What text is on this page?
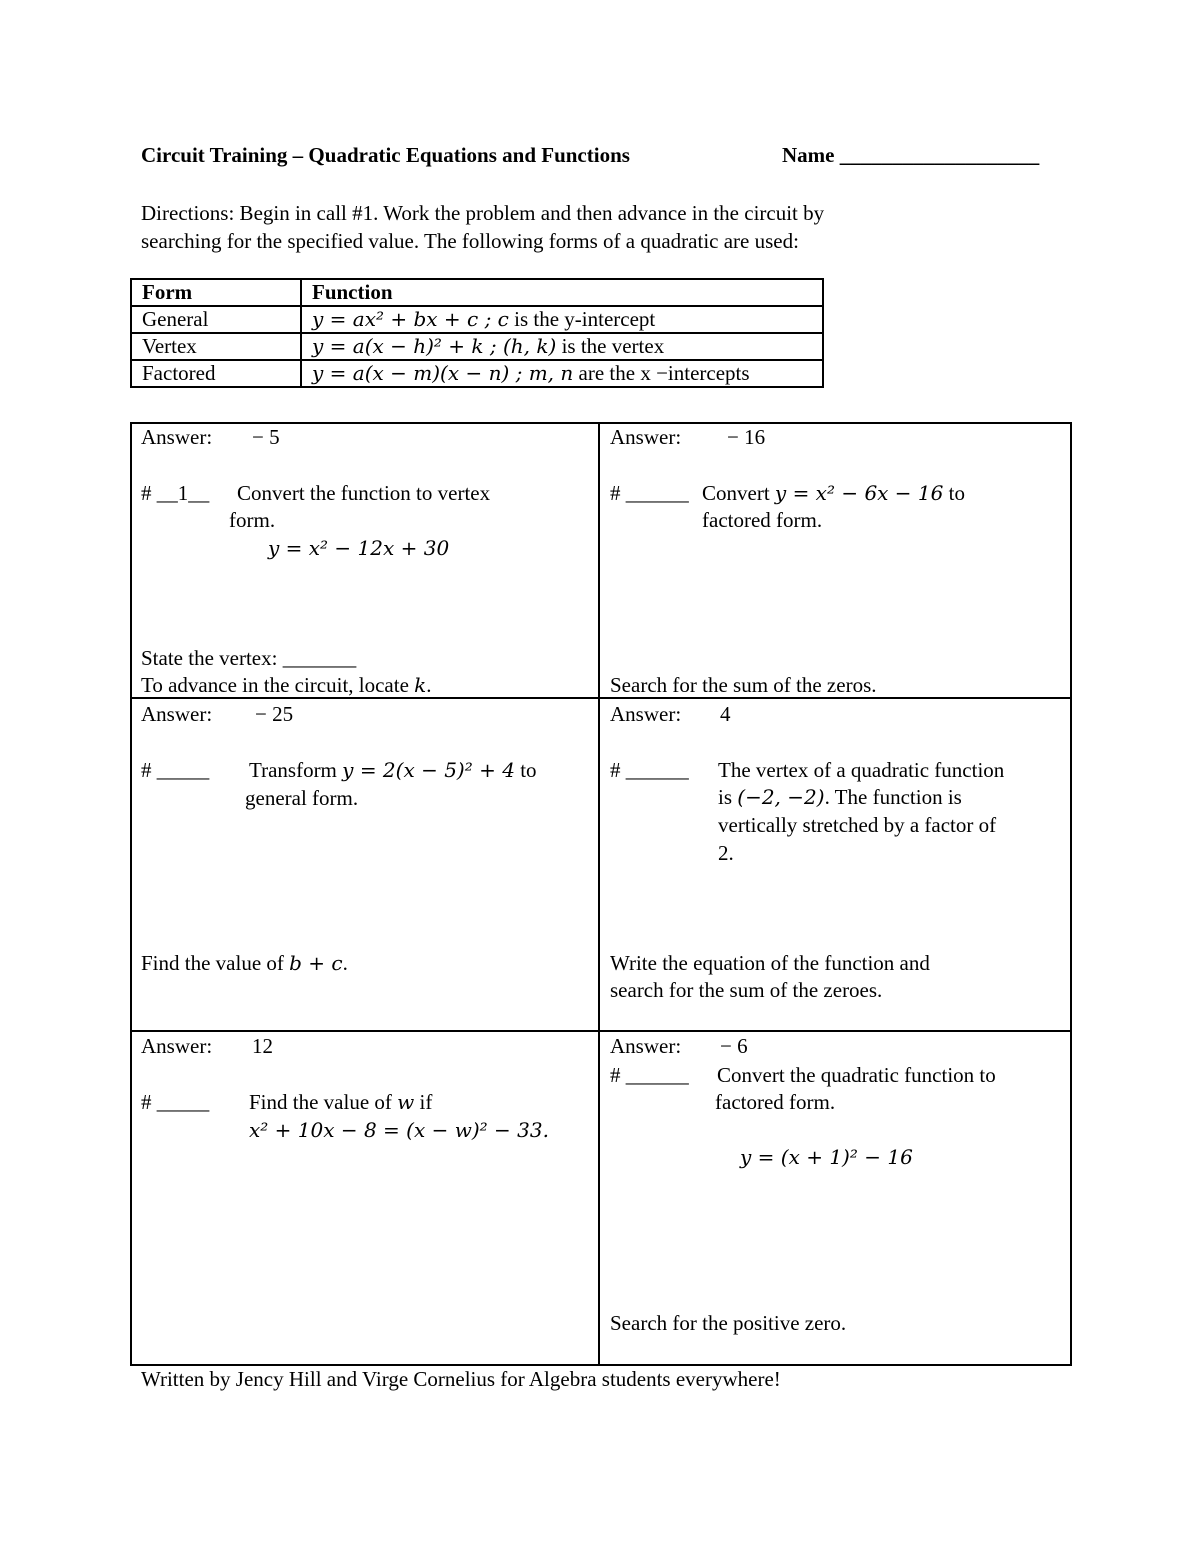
Circuit Training – Quadratic Equations and Functions	Name ___________________
Directions: Begin in call #1. Work the problem and then advance in the circuit by
searching for the specified value. The following forms of a quadratic are used:
Form	Function
General	y = ax² + bx + c ; c is the y-intercept
Vertex	y = a(x − h)² + k ; (h, k) is the vertex
Factored	y = a(x − m)(x − n) ; m, n are the x −intercepts
Answer: − 5
# __1__ Convert the function to vertex
form.
y = x² − 12x + 30
State the vertex: _______
To advance in the circuit, locate k.
Answer: − 16
# ______ Convert y = x² − 6x − 16 to
factored form.
Search for the sum of the zeros.
Answer: − 25
# _____ Transform y = 2(x − 5)² + 4 to
general form.
Find the value of b + c.
Answer: 4
# ______ The vertex of a quadratic function
is (−2, −2). The function is
vertically stretched by a factor of
2.
Write the equation of the function and
search for the sum of the zeroes.
Answer: 12
# _____ Find the value of w if
x² + 10x − 8 = (x − w)² − 33.
Answer: − 6
# ______ Convert the quadratic function to
factored form.
y = (x + 1)² − 16
Search for the positive zero.
Written by Jency Hill and Virge Cornelius for Algebra students everywhere!
